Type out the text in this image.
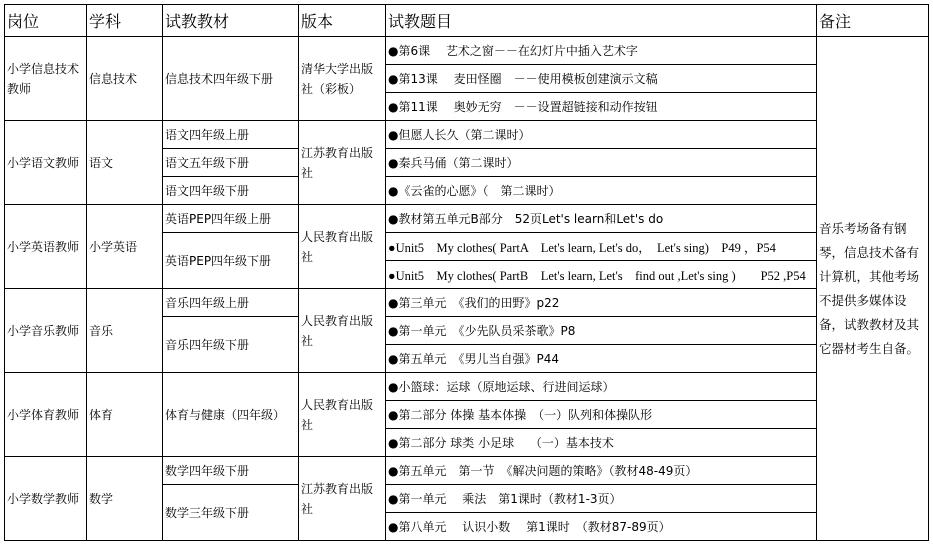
岗位	学科	试教教材	版本	试教题目	备注
小学信息技术教师	信息技术	信息技术四年级下册	清华大学出版社（彩板）	●第6课　 艺术之窗－－在幻灯片中插入艺术字	音乐考场备有钢琴，信息技术备有计算机，其他考场不提供多媒体设备，试教教材及其它器材考生自备。
				●第13课　 麦田怪圈　－－使用模板创建演示文稿	
				●第11课　 奥妙无穷　－－设置超链接和动作按钮	
小学语文教师	语文	语文四年级上册	江苏教育出版社	●但愿人长久（第二课时）	
		语文五年级下册		●秦兵马俑（第二课时）	
		语文四年级下册		●《云雀的心愿》（　第二课时）	
小学英语教师	小学英语	英语PEP四年级上册	人民教育出版社	●教材第五单元B部分　52页Let's learn和Let's do	
		英语PEP四年级下册		●Unit5　My clothes( PartA　Let's learn, Let's do，　Let's sing)　P49 ，P54	
				●Unit5　My clothes( PartB　Let's learn, Let's　find out ,Let's sing )　　P52 ,P54	
小学音乐教师	音乐	音乐四年级上册	人民教育出版社	●第三单元　《我们的田野》p22	
		音乐四年级下册		●第一单元　《少先队员采茶歌》P8	
				●第五单元　《男儿当自强》P44	
小学体育教师	体育	体育与健康（四年级）	人民教育出版社	●小篮球：运球（原地运球、行进间运球）	
				●第二部分 体操 基本体操　（一）队列和体操队形	
				●第二部分 球类 小足球　 （一）基本技术	
小学数学教师	数学	数学四年级下册	江苏教育出版社	●第五单元　第一节　《解决问题的策略》（教材48-49页）	
		数学三年级下册		●第一单元　 乘法　第1课时（教材1-3页）	
				●第八单元　 认识小数　 第1课时　（教材87-89页）	
